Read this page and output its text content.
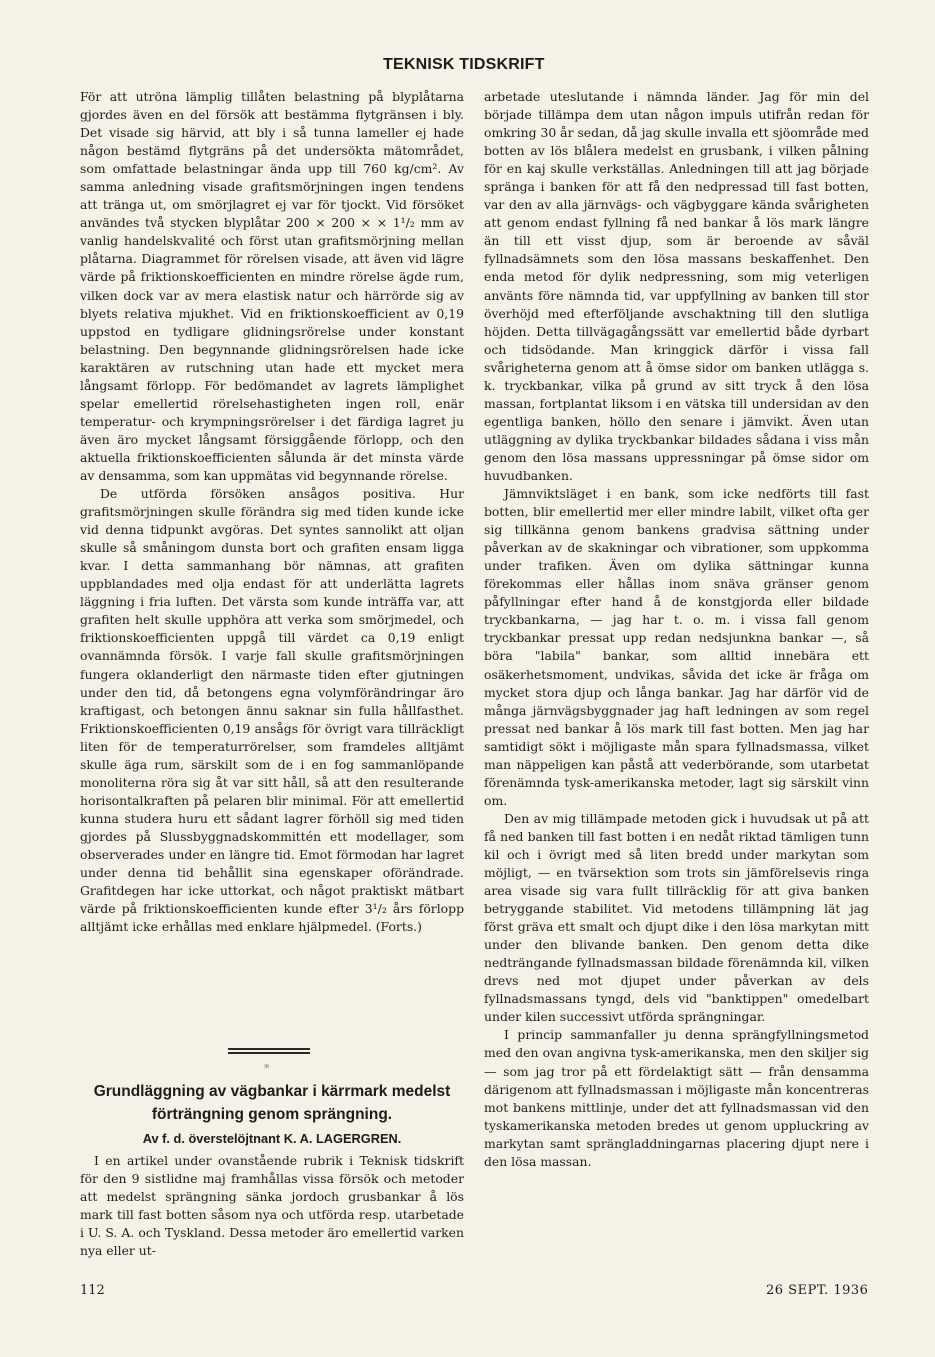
TEKNISK TIDSKRIFT

För att utröna lämplig tillåten belastning på blyplåtarna gjordes även en del försök att bestämma flytgränsen i bly. Det visade sig härvid, att bly i så tunna lameller ej hade någon bestämd flytgräns på det undersökta mätområdet, som omfattade belastningar ända upp till 760 kg/cm². Av samma anledning visade grafitsmörjningen ingen tendens att tränga ut, om smörjlagret ej var för tjockt. Vid försöket användes två stycken blyplåtar 200 × 200 × × 1¹/₂ mm av vanlig handelskvalité och först utan grafitsmörjning mellan plåtarna. Diagrammet för rörelsen visade, att även vid lägre värde på friktionskoefficienten en mindre rörelse ägde rum, vilken dock var av mera elastisk natur och härrörde sig av blyets relativa mjukhet. Vid en friktionskoefficient av 0,19 uppstod en tydligare glidningsrörelse under konstant belastning. Den begynnande glidningsrörelsen hade icke karaktären av rutschning utan hade ett mycket mera långsamt förlopp. För bedömandet av lagrets lämplighet spelar emellertid rörelsehastigheten ingen roll, enär temperatur- och krympningsrörelser i det färdiga lagret ju även äro mycket långsamt försiggående förlopp, och den aktuella friktionskoefficienten sålunda är det minsta värde av densamma, som kan uppmätas vid begynnande rörelse.

De utförda försöken ansågos positiva. Hur grafitsmörjningen skulle förändra sig med tiden kunde icke vid denna tidpunkt avgöras. Det syntes sannolikt att oljan skulle så småningom dunsta bort och grafiten ensam ligga kvar. I detta sammanhang bör nämnas, att grafiten uppblandades med olja endast för att underlätta lagrets läggning i fria luften. Det värsta som kunde inträffa var, att grafiten helt skulle upphöra att verka som smörjmedel, och friktionskoefficienten uppgå till värdet ca 0,19 enligt ovannämnda försök. I varje fall skulle grafitsmörjningen fungera oklanderligt den närmaste tiden efter gjutningen under den tid, då betongens egna volymförändringar äro kraftigast, och betongen ännu saknar sin fulla hållfasthet. Friktionskoefficienten 0,19 ansågs för övrigt vara tillräckligt liten för de temperaturrörelser, som framdeles alltjämt skulle äga rum, särskilt som de i en fog sammanlöpande monoliterna röra sig åt var sitt håll, så att den resulterande horisontalkraften på pelaren blir minimal. För att emellertid kunna studera huru ett sådant lagrer förhöll sig med tiden gjordes på Slussbyggnadskommittén ett modellager, som observerades under en längre tid. Emot förmodan har lagret under denna tid behållit sina egenskaper oförändrade. Grafitdegen har icke uttorkat, och något praktiskt mätbart värde på friktionskoefficienten kunde efter 3¹/₂ års förlopp alltjämt icke erhållas med enklare hjälpmedel. (Forts.)

*
Grundläggning av vägbankar i kärrmark medelst förträngning genom sprängning.
Av f. d. överstelöjtnant K. A. LAGERGREN.

I en artikel under ovanstående rubrik i Teknisk tidskrift för den 9 sistlidne maj framhållas vissa försök och metoder att medelst sprängning sänka jordoch grusbankar å lös mark till fast botten såsom nya och utförda resp. utarbetade i U. S. A. och Tyskland. Dessa metoder äro emellertid varken nya eller ut-

arbetade uteslutande i nämnda länder. Jag för min del började tillämpa dem utan någon impuls utifrån redan för omkring 30 år sedan, då jag skulle invalla ett sjöområde med botten av lös blålera medelst en grusbank, i vilken pålning för en kaj skulle verkställas. Anledningen till att jag började spränga i banken för att få den nedpressad till fast botten, var den av alla järnvägs- och vägbyggare kända svårigheten att genom endast fyllning få ned bankar å lös mark längre än till ett visst djup, som är beroende av såväl fyllnadsämnets som den lösa massans beskaffenhet. Den enda metod för dylik nedpressning, som mig veterligen använts före nämnda tid, var uppfyllning av banken till stor överhöjd med efterföljande avschaktning till den slutliga höjden. Detta tillvägagångssätt var emellertid både dyrbart och tidsödande. Man kringgick därför i vissa fall svårigheterna genom att å ömse sidor om banken utlägga s. k. tryckbankar, vilka på grund av sitt tryck å den lösa massan, fortplantat liksom i en vätska till undersidan av den egentliga banken, höllo den senare i jämvikt. Även utan utläggning av dylika tryckbankar bildades sådana i viss mån genom den lösa massans uppressningar på ömse sidor om huvudbanken.

Jämnviktsläget i en bank, som icke nedförts till fast botten, blir emellertid mer eller mindre labilt, vilket ofta ger sig tillkänna genom bankens gradvisa sättning under påverkan av de skakningar och vibrationer, som uppkomma under trafiken. Även om dylika sättningar kunna förekommas eller hållas inom snäva gränser genom påfyllningar efter hand å de konstgjorda eller bildade tryckbankarna, — jag har t. o. m. i vissa fall genom tryckbankar pressat upp redan nedsjunkna bankar —, så böra "labila" bankar, som alltid innebära ett osäkerhetsmoment, undvikas, såvida det icke är fråga om mycket stora djup och långa bankar. Jag har därför vid de många järnvägsbyggnader jag haft ledningen av som regel pressat ned bankar å lös mark till fast botten. Men jag har samtidigt sökt i möjligaste mån spara fyllnadsmassa, vilket man näppeligen kan påstå att vederbörande, som utarbetat förenämnda tysk-amerikanska metoder, lagt sig särskilt vinn om.

Den av mig tillämpade metoden gick i huvudsak ut på att få ned banken till fast botten i en nedåt riktad tämligen tunn kil och i övrigt med så liten bredd under markytan som möjligt, — en tvärsektion som trots sin jämförelsevis ringa area visade sig vara fullt tillräcklig för att giva banken betryggande stabilitet. Vid metodens tillämpning lät jag först gräva ett smalt och djupt dike i den lösa markytan mitt under den blivande banken. Den genom detta dike nedträngande fyllnadsmassan bildade förenämnda kil, vilken drevs ned mot djupet under påverkan av dels fyllnadsmassans tyngd, dels vid "banktippen" omedelbart under kilen successivt utförda sprängningar.

I princip sammanfaller ju denna sprängfyllningsmetod med den ovan angivna tysk-amerikanska, men den skiljer sig — som jag tror på ett fördelaktigt sätt — från densamma därigenom att fyllnadsmassan i möjligaste mån koncentreras mot bankens mittlinje, under det att fyllnadsmassan vid den tyskamerikanska metoden bredes ut genom uppluckring av markytan samt sprängladdningarnas placering djupt nere i den lösa massan.

112	26 SEPT. 1936
